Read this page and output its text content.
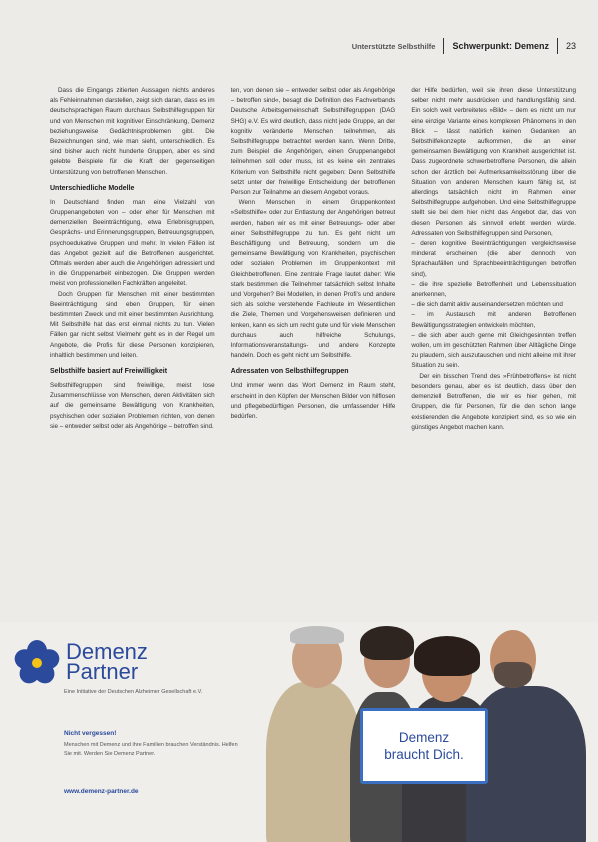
Unterstützte Selbsthilfe Schwerpunkt: Demenz 23

Dass die Eingangs zitierten Aussagen nichts anderes als Fehleinnahmen darstellen, zeigt sich daran, dass es im deutschsprachigen Raum durchaus Selbsthilfegruppen für und von Menschen mit kognitiver Einschränkung, Demenz beziehungsweise Gedächtnisproblemen gibt. Die Bezeichnungen sind, wie man sieht, unterschiedlich. Es sind bisher auch nicht hunderte Gruppen, aber es sind gelebte Beispiele für die Kraft der gegenseitigen Unterstützung von betroffenen Menschen.

Unterschiedliche Modelle

In Deutschland finden man eine Vielzahl von Gruppenangeboten von – oder eher für Menschen mit demenziellen Beeinträchtigung, etwa Erlebnisgruppen, Gesprächs- und Erinnerungsgruppen, Betreuungsgruppen, psychoedukative Gruppen und mehr. In vielen Fällen ist das Angebot gezielt auf die Betroffenen ausgerichtet. Oftmals werden aber auch die Angehörigen adressiert und in die Gruppenarbeit einbezogen. Die Gruppen werden meist von professionellen Fachkräften angeleitet.

Doch Gruppen für Menschen mit einer bestimmten Beeinträchtigung sind eben Gruppen, für einen bestimmten Zweck und mit einer bestimmten Ausrichtung. Mit Selbsthilfe hat das erst einmal nichts zu tun. Vielen Fällen gar nicht selbst Vielmehr geht es in der Regel um Angebote, die Profis für diese Personen konzipieren, inhaltlich bestimmen und leiten.

Selbsthilfe basiert auf Freiwilligkeit

Selbsthilfegruppen sind freiwillige, meist lose Zusammenschlüsse von Menschen, deren Aktivitäten sich auf die gemeinsame Bewältigung von Krankheiten, psychischen oder sozialen Problemen richten, von denen sie – entweder selbst oder als Angehörige – betroffen sind.

ten, von denen sie – entweder selbst oder als Angehörige – betroffen sind«, besagt die Definition des Fachverbands Deutsche Arbeitsgemeinschaft Selbsthilfegruppen (DAG SHG) e.V. Es wird deutlich, dass nicht jede Gruppe, an der kognitiv veränderte Menschen teilnehmen, als Selbsthilfegruppe betrachtet werden kann. Wenn Dritte, zum Beispiel die Angehörigen, einen Gruppenangebot teilnehmen soll oder muss, ist es keine ein zentrales Kriterium von Selbsthilfe nicht gegeben: Denn Selbsthilfe setzt unter der freiwillige Entscheidung der betroffenen Person zur Teilnahme an diesem Angebot voraus.

Wenn Menschen in einem Gruppenkontext »Selbsthilfe« oder zur Entlastung der Angehörigen betreut werden, haben wir es mit einer Betreuungs- oder aber einer Selbsthilfegruppe zu tun. Es geht nicht um Beschäftigung und Betreuung, sondern um die gemeinsame Bewältigung von Krankheiten, psychischen oder sozialen Problemen im Gruppenkontext mit Gleichbetroffenen. Eine zentrale Frage lautet daher: Wie stark bestimmen die Teilnehmer tatsächlich selbst Inhalte und Vorgehen? Bei Modellen, in denen Profi's und andere sich als solche verstehende Fachleute im Wesentlichen die Ziele, Themen und Vorgehensweisen definieren und lenken, kann es sich um recht gute und für viele Menschen durchaus auch hilfreiche Schulungs, Informationsveranstaltungs- und andere Konzepte handeln. Doch es geht nicht um Selbsthilfe.

Adressaten von Selbsthilfegruppen

Und immer wenn das Wort Demenz im Raum steht, erscheint in den Köpfen der Menschen Bilder von hilflosen und pflegebedürftigen Personen, die umfassender Hilfe bedürfen.

der Hilfe bedürfen, weil sie ihren diese Unterstützung selber nicht mehr ausdrücken und handlungsfähig sind. Ein solch weit verbreitetes »Bild« – dem es nicht um nur eine einzige Variante eines komplexen Phänomens in den Blick – lässt natürlich keinen Gedanken an Selbsthilfekonzepte aufkommen, die an einer gemeinsamen Bewältigung von Krankheit ausgerichtet ist. Dass zugeordnete schwerbetroffene Personen, die allein schon der ärztlich bei Aufmerksamkeitsstörung über die Situation von anderen Menschen kaum fähig ist, ist allerdings tatsächlich nicht im Rahmen einer Selbsthilfegruppe aufgehoben. Und eine Selbsthilfegruppe stellt sie bei dem hier nicht das Angebot dar, das von diesen Personen als sinnvoll erlebt werden würde. Adressaten von Selbsthilfegruppen sind Personen,

– deren kognitive Beeinträchtigungen vergleichsweise minderat erscheinen (die aber dennoch von Sprachaufällen und Sprachbeeinträchtigungen betroffen sind),
– die ihre spezielle Betroffenheit und Lebenssituation anerkennen,
– die sich damit aktiv auseinandersetzen möchten und
– im Austausch mit anderen Betroffenen Bewältigungsstrategien entwickeln möchten,
– die sich aber auch gerne mit Gleichgesinnten treffen wollen, um im geschützten Rahmen über Alltägliche Dinge zu plaudern, sich auszutauschen und nicht alleine mit ihrer Situation zu sein.

Der ein bisschen Trend des »Frühbetroffens« ist nicht besonders genau, aber es ist deutlich, dass über den demenziell Betroffenen, die wir es hier gehen, mit Gruppen, die für Personen, für die den schon lange existierenden die Angebote konzipiert sind, es so wie ein günstiges Angebot machen kann.

Demenz
Partner
Eine Initiative der Deutschen Alzheimer Gesellschaft e.V.
Nicht vergessen!
Menschen mit Demenz und ihre Familien brauchen Verständnis. Helfen Sie mit. Werden Sie Demenz Partner.
www.demenz-partner.de
Demenz
braucht Dich.
